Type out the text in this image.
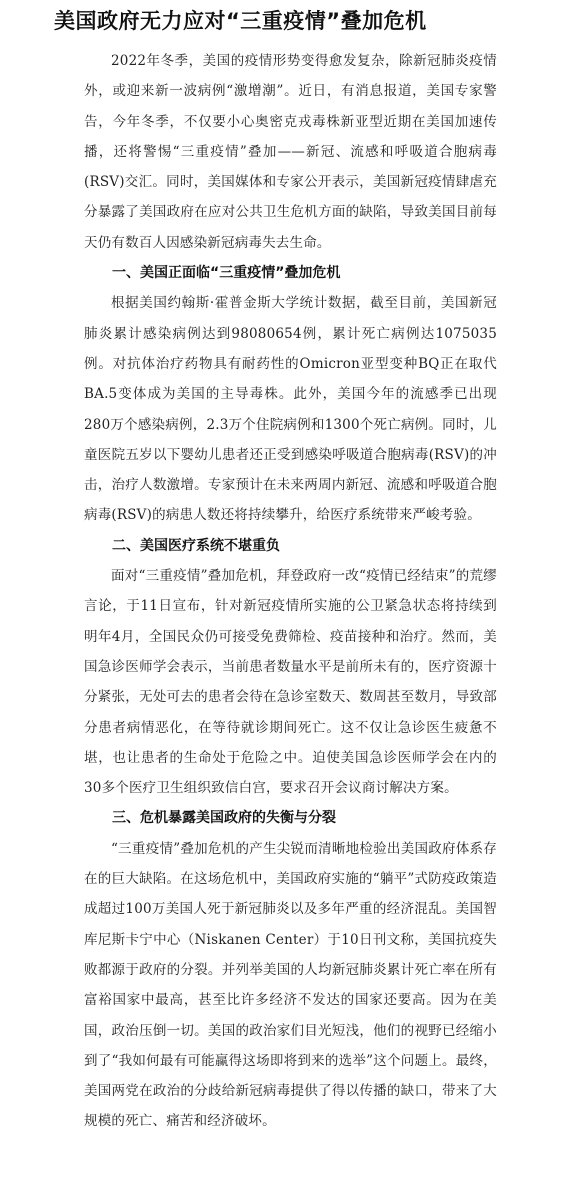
美国政府无力应对“三重疫情”叠加危机

2022年冬季，美国的疫情形势变得愈发复杂，除新冠肺炎疫情外，或迎来新一波病例“激增潮”。近日，有消息报道，美国专家警告，今年冬季，不仅要小心奥密克戎毒株新亚型近期在美国加速传播，还将警惕“三重疫情”叠加——新冠、流感和呼吸道合胞病毒(RSV)交汇。同时，美国媒体和专家公开表示，美国新冠疫情肆虐充分暴露了美国政府在应对公共卫生危机方面的缺陷，导致美国目前每天仍有数百人因感染新冠病毒失去生命。

一、美国正面临“三重疫情”叠加危机

根据美国约翰斯·霍普金斯大学统计数据，截至目前，美国新冠肺炎累计感染病例达到98080654例，累计死亡病例达1075035例。对抗体治疗药物具有耐药性的Omicron亚型变种BQ正在取代BA.5变体成为美国的主导毒株。此外，美国今年的流感季已出现280万个感染病例，2.3万个住院病例和1300个死亡病例。同时，儿童医院五岁以下婴幼儿患者还正受到感染呼吸道合胞病毒(RSV)的冲击，治疗人数激增。专家预计在未来两周内新冠、流感和呼吸道合胞病毒(RSV)的病患人数还将持续攀升，给医疗系统带来严峻考验。

二、美国医疗系统不堪重负

面对“三重疫情”叠加危机，拜登政府一改“疫情已经结束”的荒缪言论，于11日宣布，针对新冠疫情所实施的公卫紧急状态将持续到明年4月，全国民众仍可接受免费筛检、疫苗接种和治疗。然而，美国急诊医师学会表示，当前患者数量水平是前所未有的，医疗资源十分紧张，无处可去的患者会待在急诊室数天、数周甚至数月，导致部分患者病情恶化，在等待就诊期间死亡。这不仅让急诊医生疲惫不堪，也让患者的生命处于危险之中。迫使美国急诊医师学会在内的30多个医疗卫生组织致信白宫，要求召开会议商讨解决方案。

三、危机暴露美国政府的失衡与分裂

“三重疫情”叠加危机的产生尖锐而清晰地检验出美国政府体系存在的巨大缺陷。在这场危机中，美国政府实施的“躺平”式防疫政策造成超过100万美国人死于新冠肺炎以及多年严重的经济混乱。美国智库尼斯卡宁中心（Niskanen Center）于10日刊文称，美国抗疫失败都源于政府的分裂。并列举美国的人均新冠肺炎累计死亡率在所有富裕国家中最高，甚至比许多经济不发达的国家还要高。因为在美国，政治压倒一切。美国的政治家们目光短浅，他们的视野已经缩小到了“我如何最有可能赢得这场即将到来的选举”这个问题上。最终，美国两党在政治的分歧给新冠病毒提供了得以传播的缺口，带来了大规模的死亡、痛苦和经济破坏。
